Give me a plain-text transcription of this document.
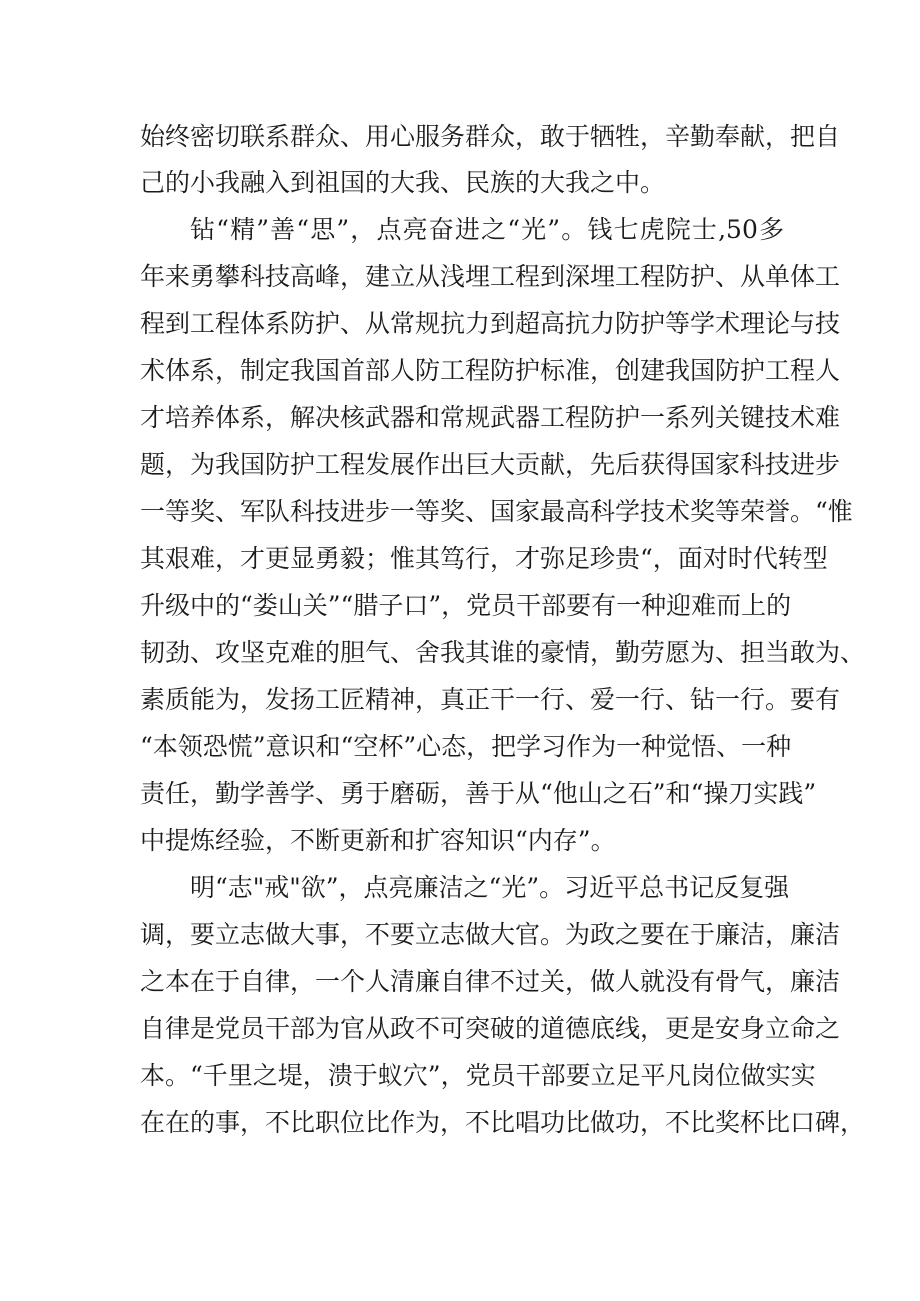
始终密切联系群众、用心服务群众，敢于牺牲，辛勤奉献，把自
己的小我融入到祖国的大我、民族的大我之中。
钻“精”善“思”，点亮奋进之“光”。钱七虎院士,50多
年来勇攀科技高峰，建立从浅埋工程到深埋工程防护、从单体工
程到工程体系防护、从常规抗力到超高抗力防护等学术理论与技
术体系，制定我国首部人防工程防护标准，创建我国防护工程人
才培养体系，解决核武器和常规武器工程防护一系列关键技术难
题，为我国防护工程发展作出巨大贡献，先后获得国家科技进步
一等奖、军队科技进步一等奖、国家最高科学技术奖等荣誉。“惟
其艰难，才更显勇毅；惟其笃行，才弥足珍贵“，面对时代转型
升级中的“娄山关”“腊子口”，党员干部要有一种迎难而上的
韧劲、攻坚克难的胆气、舍我其谁的豪情，勤劳愿为、担当敢为、
素质能为，发扬工匠精神，真正干一行、爱一行、钻一行。要有
“本领恐慌”意识和“空杯”心态，把学习作为一种觉悟、一种
责任，勤学善学、勇于磨砺，善于从“他山之石”和“操刀实践”
中提炼经验，不断更新和扩容知识“内存”。
明“志"戒"欲”，点亮廉洁之“光”。习近平总书记反复强
调，要立志做大事，不要立志做大官。为政之要在于廉洁，廉洁
之本在于自律，一个人清廉自律不过关，做人就没有骨气，廉洁
自律是党员干部为官从政不可突破的道德底线，更是安身立命之
本。“千里之堤，溃于蚁穴”，党员干部要立足平凡岗位做实实
在在的事，不比职位比作为，不比唱功比做功，不比奖杯比口碑，
